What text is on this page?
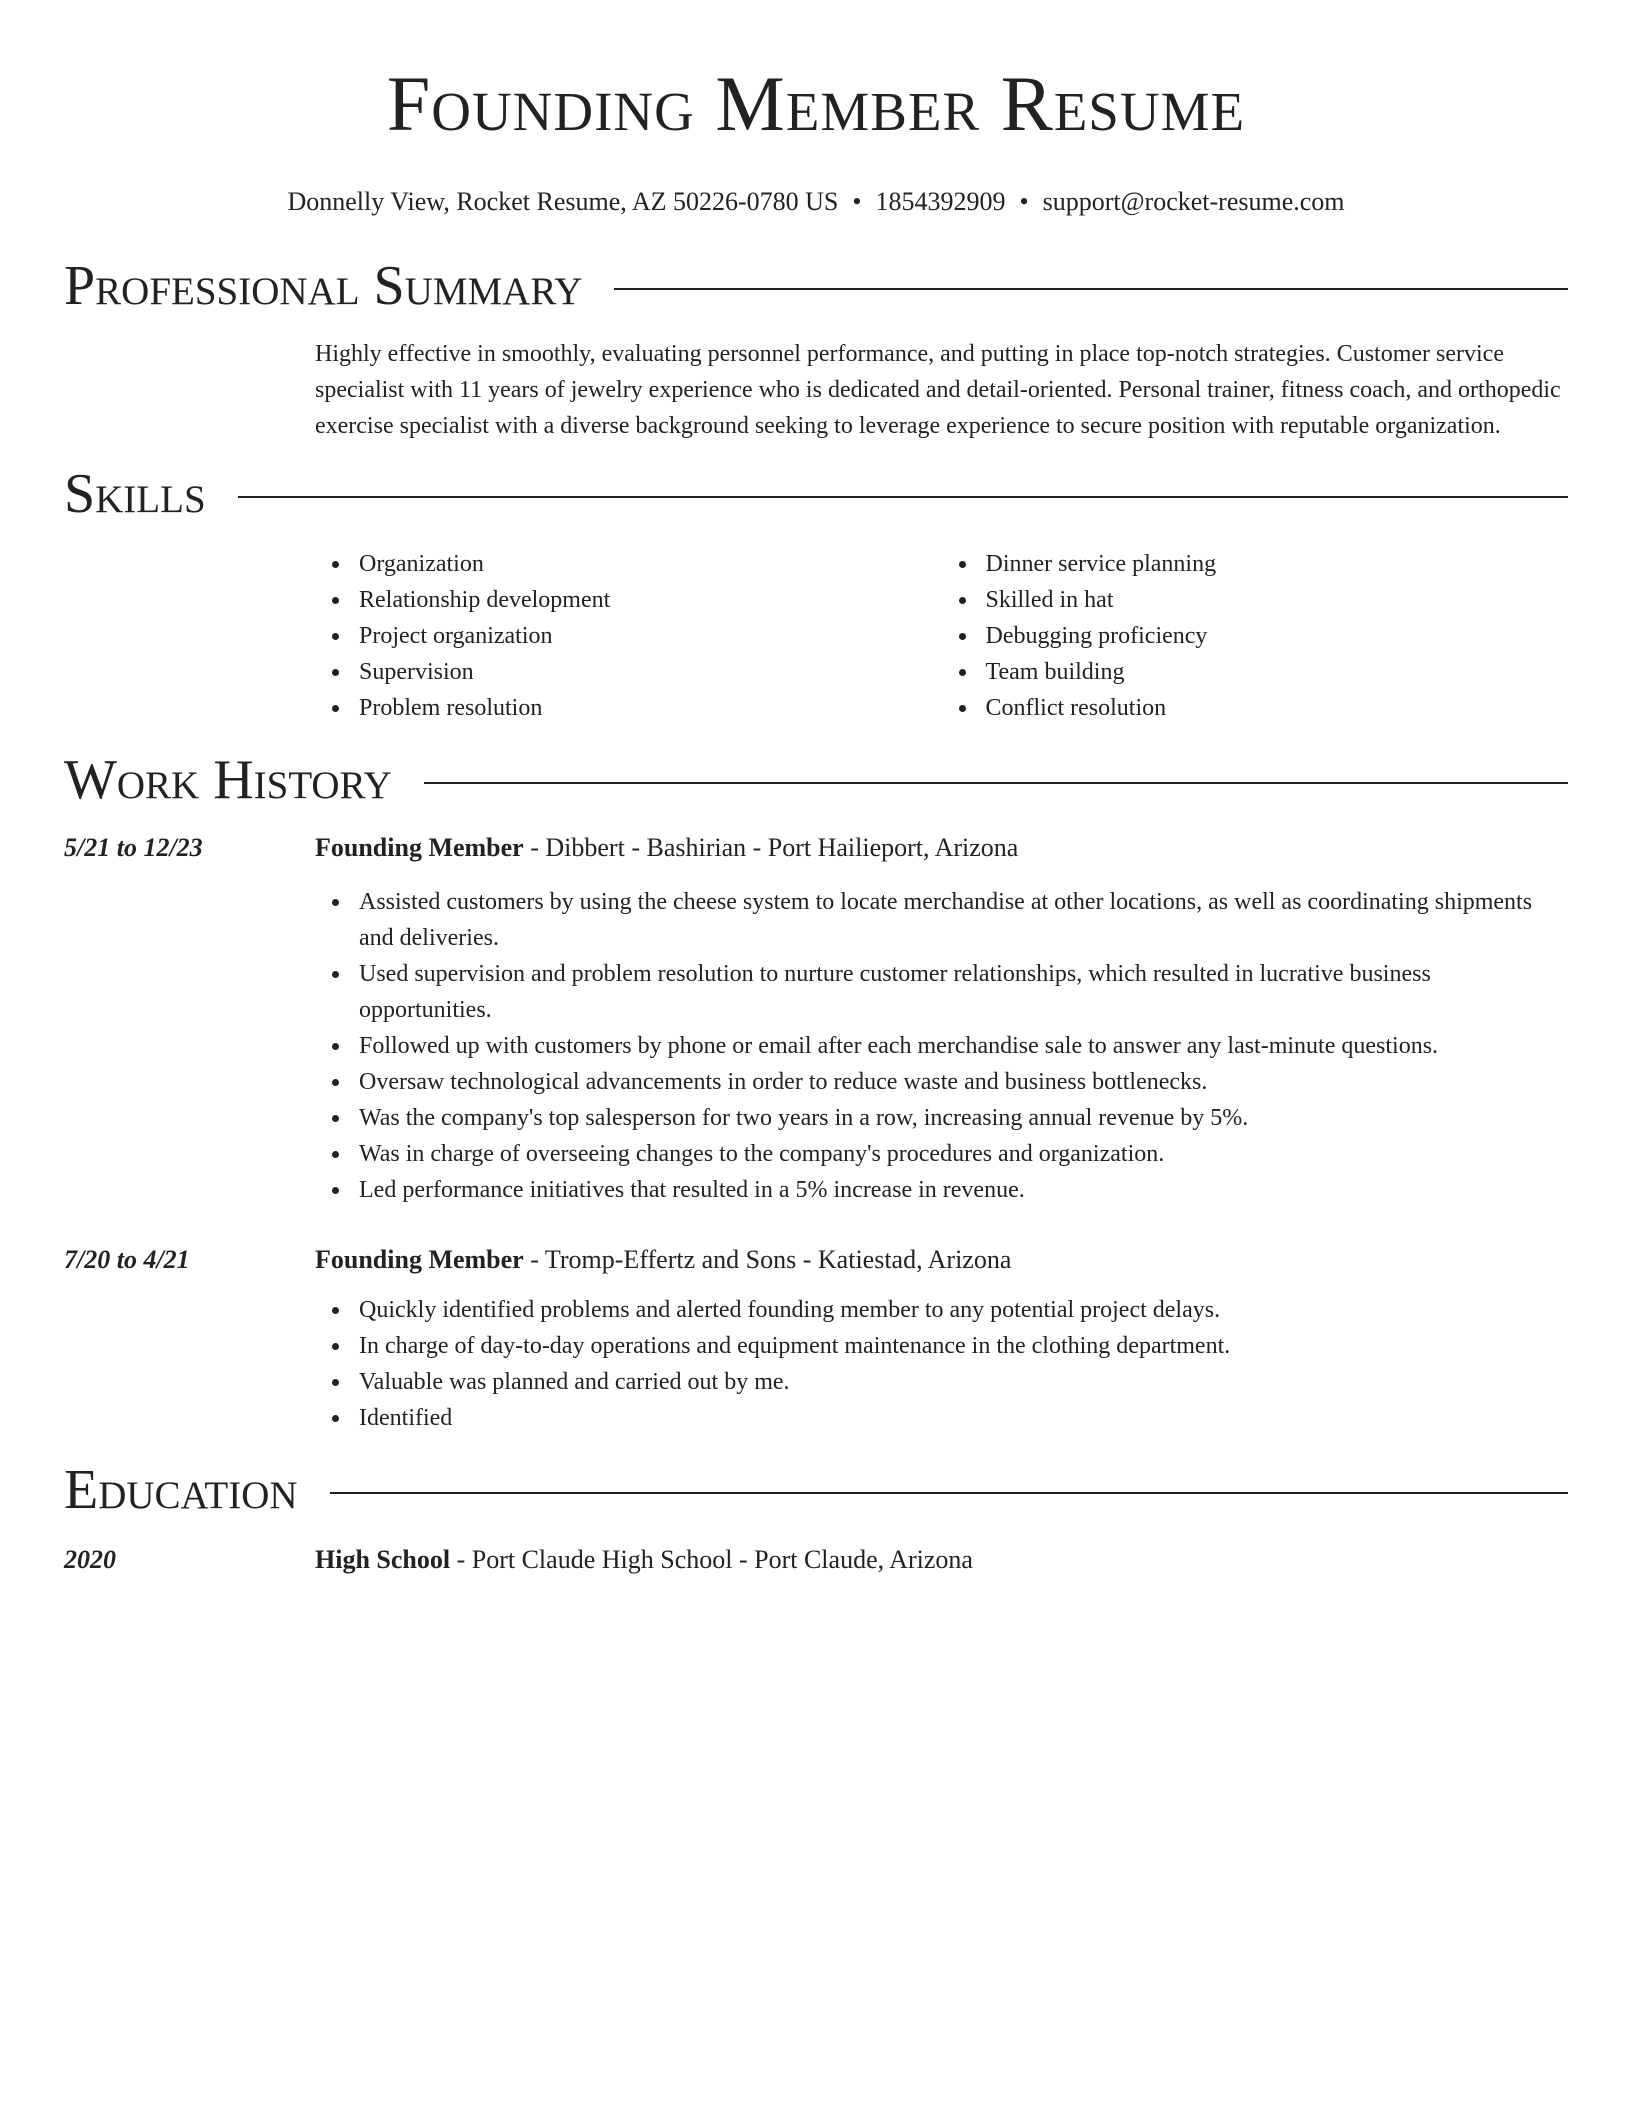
Founding Member Resume
Donnelly View, Rocket Resume, AZ 50226-0780 US • 1854392909 • support@rocket-resume.com
Professional Summary

Highly effective in smoothly, evaluating personnel performance, and putting in place top-notch strategies. Customer service specialist with 11 years of jewelry experience who is dedicated and detail-oriented. Personal trainer, fitness coach, and orthopedic exercise specialist with a diverse background seeking to leverage experience to secure position with reputable organization.

Skills
Organization
Relationship development
Project organization
Supervision
Problem resolution
Dinner service planning
Skilled in hat
Debugging proficiency
Team building
Conflict resolution
Work History
5/21 to 12/23	Founding Member - Dibbert - Bashirian - Port Hailieport, Arizona
Assisted customers by using the cheese system to locate merchandise at other locations, as well as coordinating shipments and deliveries.
Used supervision and problem resolution to nurture customer relationships, which resulted in lucrative business opportunities.
Followed up with customers by phone or email after each merchandise sale to answer any last-minute questions.
Oversaw technological advancements in order to reduce waste and business bottlenecks.
Was the company's top salesperson for two years in a row, increasing annual revenue by 5%.
Was in charge of overseeing changes to the company's procedures and organization.
Led performance initiatives that resulted in a 5% increase in revenue.
7/20 to 4/21	Founding Member - Tromp-Effertz and Sons - Katiestad, Arizona
Quickly identified problems and alerted founding member to any potential project delays.
In charge of day-to-day operations and equipment maintenance in the clothing department.
Valuable was planned and carried out by me.
Identified
Education
2020	High School - Port Claude High School - Port Claude, Arizona
